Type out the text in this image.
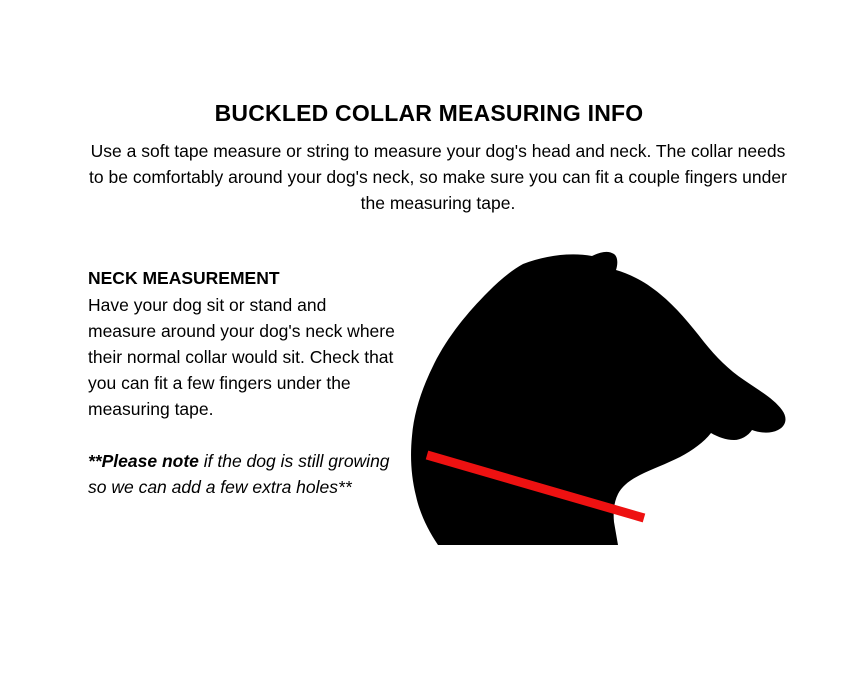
BUCKLED COLLAR MEASURING INFO
Use a soft tape measure or string to measure your dog's head and neck. The collar needs to be comfortably around your dog's neck, so make sure you can fit a couple fingers under the measuring tape.
NECK MEASUREMENT
Have your dog sit or stand and measure around your dog's neck where their normal collar would sit. Check that you can fit a few fingers under the measuring tape.
**Please note if the dog is still growing so we can add a few extra holes**
